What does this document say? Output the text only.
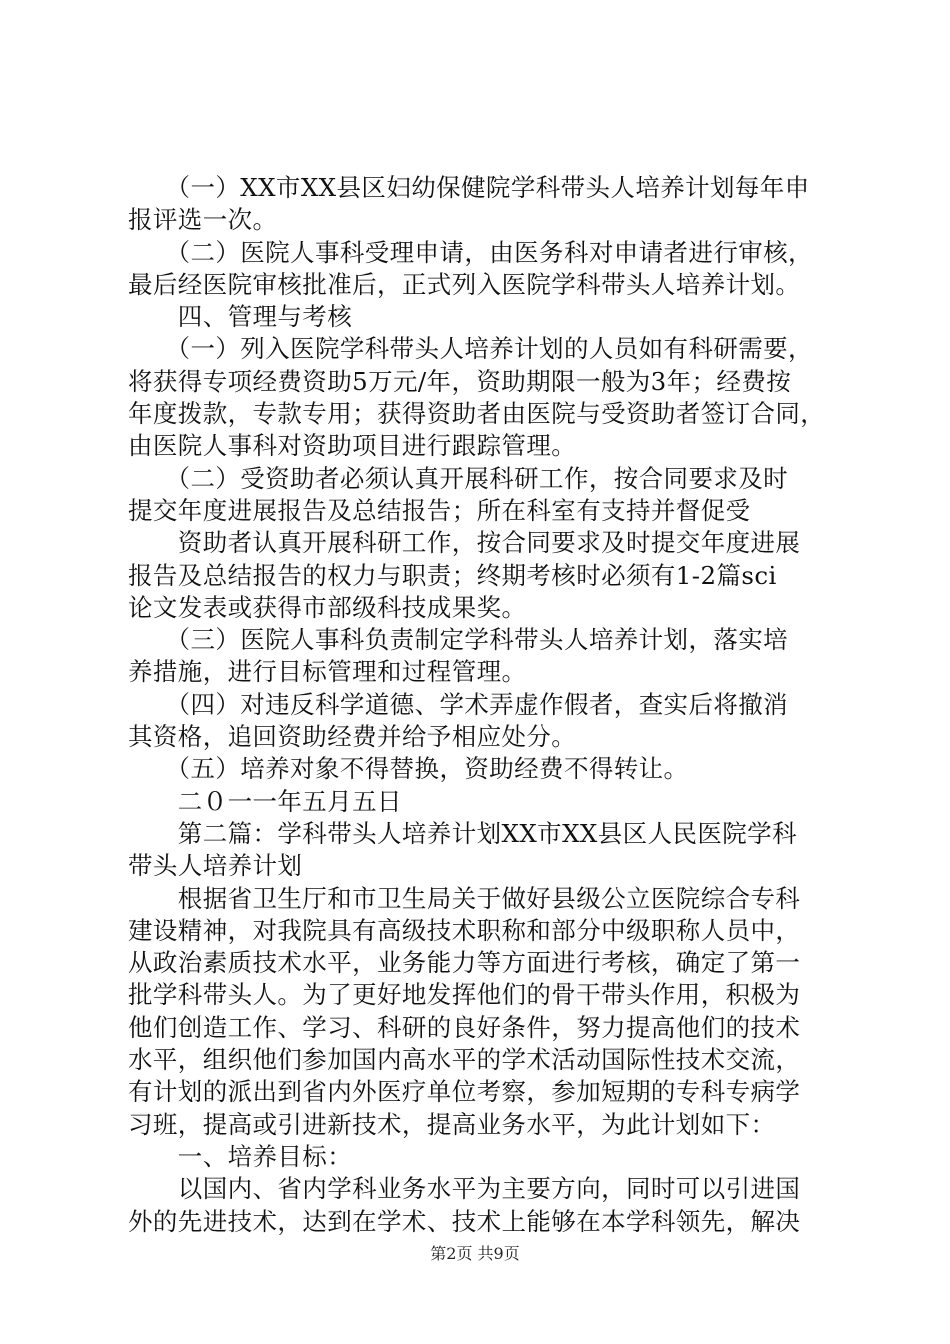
　　（一）XX市XX县区妇幼保健院学科带头人培养计划每年申
报评选一次。
　　（二）医院人事科受理申请，由医务科对申请者进行审核，
最后经医院审核批准后，正式列入医院学科带头人培养计划。
　　四、管理与考核
　　（一）列入医院学科带头人培养计划的人员如有科研需要，
将获得专项经费资助5万元/年，资助期限一般为3年；经费按
年度拨款，专款专用；获得资助者由医院与受资助者签订合同，
由医院人事科对资助项目进行跟踪管理。
　　（二）受资助者必须认真开展科研工作，按合同要求及时
提交年度进展报告及总结报告；所在科室有支持并督促受
　　资助者认真开展科研工作，按合同要求及时提交年度进展
报告及总结报告的权力与职责；终期考核时必须有1-2篇sci
论文发表或获得市部级科技成果奖。
　　（三）医院人事科负责制定学科带头人培养计划，落实培
养措施，进行目标管理和过程管理。
　　（四）对违反科学道德、学术弄虚作假者，查实后将撤消
其资格，追回资助经费并给予相应处分。
　　（五）培养对象不得替换，资助经费不得转让。
　　二０一一年五月五日
　　第二篇：学科带头人培养计划XX市XX县区人民医院学科
带头人培养计划
　　根据省卫生厅和市卫生局关于做好县级公立医院综合专科
建设精神，对我院具有高级技术职称和部分中级职称人员中，
从政治素质技术水平，业务能力等方面进行考核，确定了第一
批学科带头人。为了更好地发挥他们的骨干带头作用，积极为
他们创造工作、学习、科研的良好条件，努力提高他们的技术
水平，组织他们参加国内高水平的学术活动国际性技术交流，
有计划的派出到省内外医疗单位考察，参加短期的专科专病学
习班，提高或引进新技术，提高业务水平，为此计划如下：
　　一、培养目标：
　　以国内、省内学科业务水平为主要方向，同时可以引进国
外的先进技术，达到在学术、技术上能够在本学科领先，解决
第2页 共9页
